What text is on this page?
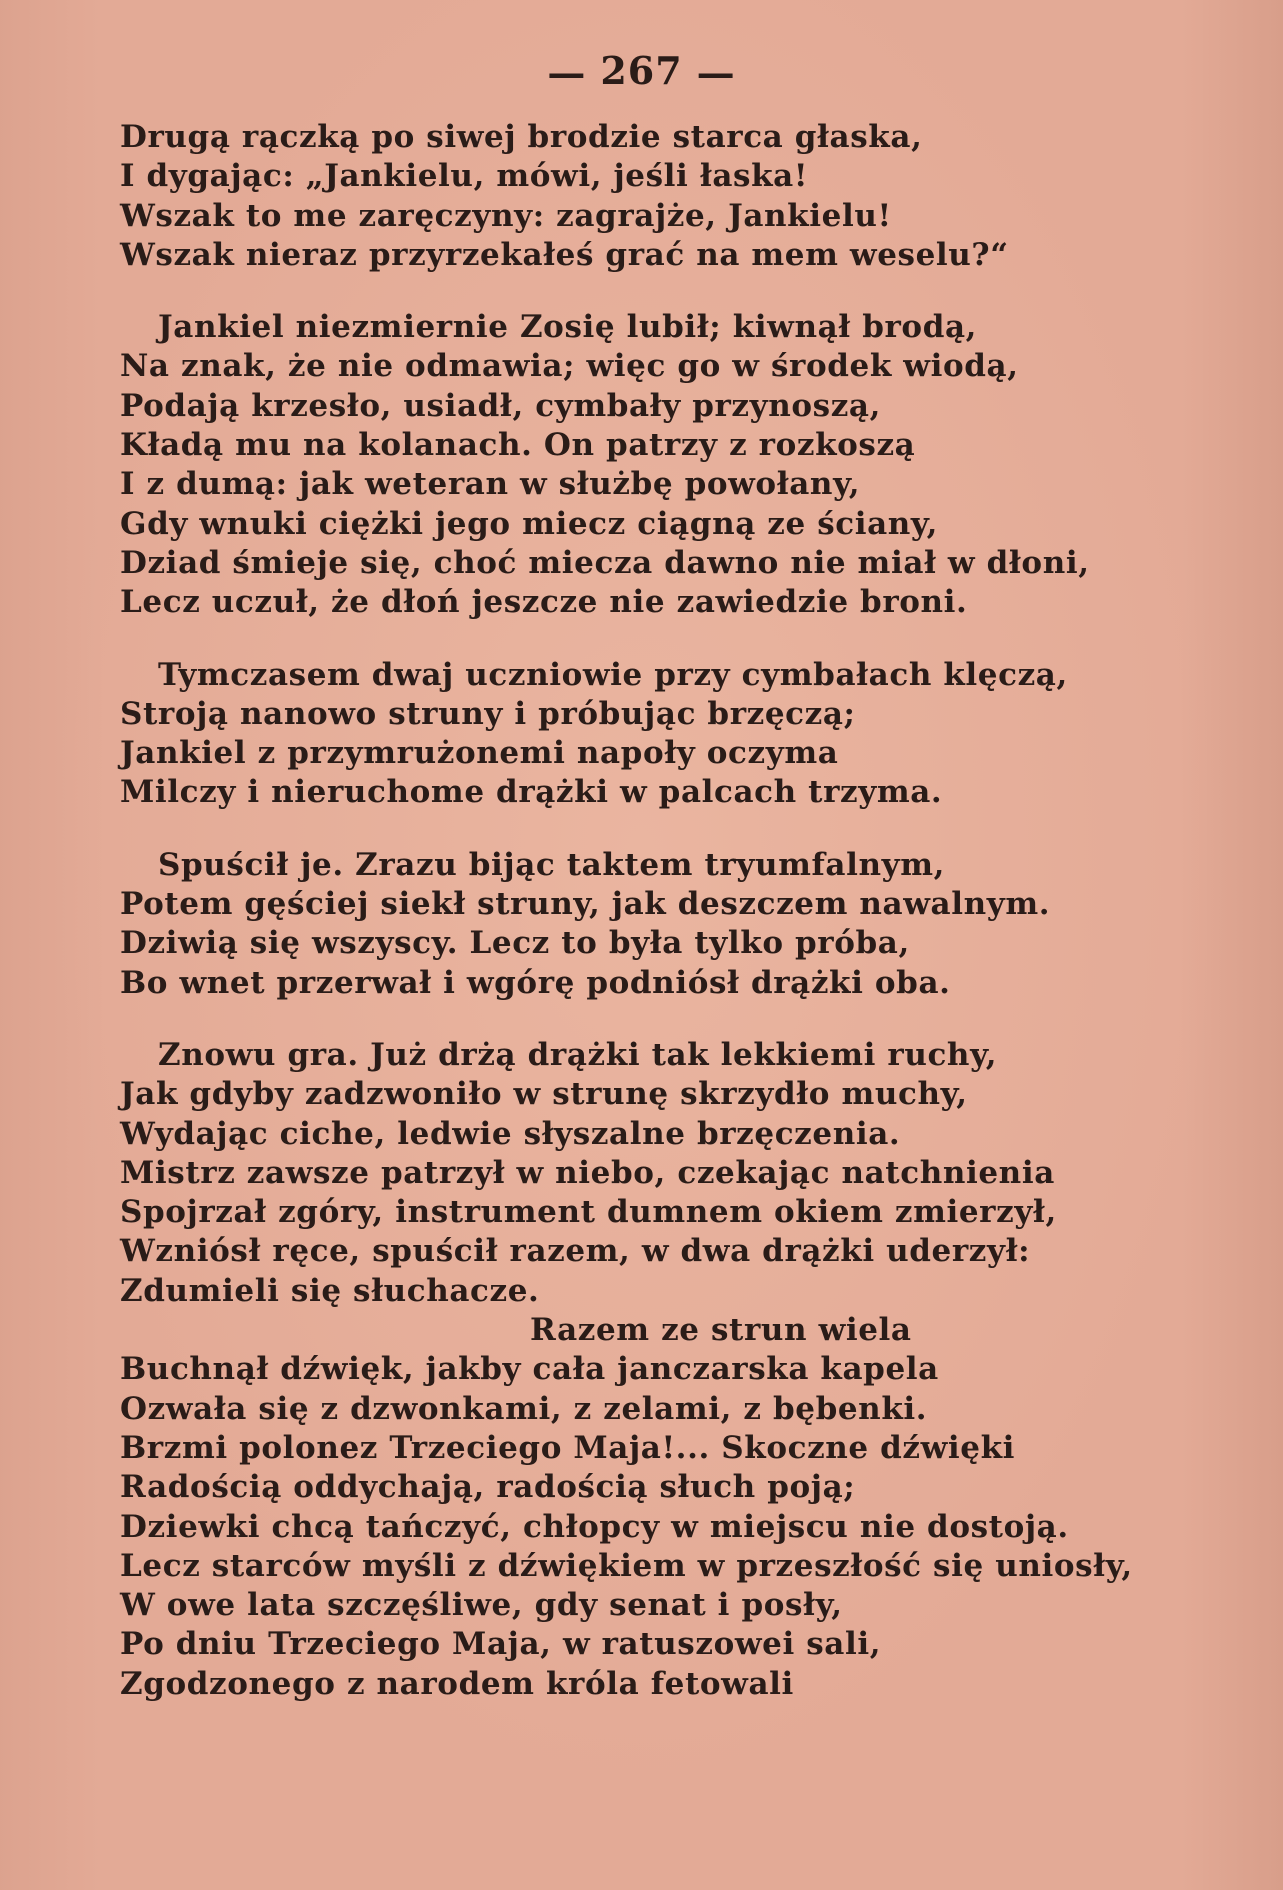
— 267 —
Drugą rączką po siwej brodzie starca głaska,
I dygając: „Jankielu, mówi, jeśli łaska!
Wszak to me zaręczyny: zagrajże, Jankielu!
Wszak nieraz przyrzekałeś grać na mem weselu?“
Jankiel niezmiernie Zosię lubił; kiwnął brodą,
Na znak, że nie odmawia; więc go w środek wiodą,
Podają krzesło, usiadł, cymbały przynoszą,
Kładą mu na kolanach. On patrzy z rozkoszą
I z dumą: jak weteran w służbę powołany,
Gdy wnuki ciężki jego miecz ciągną ze ściany,
Dziad śmieje się, choć miecza dawno nie miał w dłoni,
Lecz uczuł, że dłoń jeszcze nie zawiedzie broni.
Tymczasem dwaj uczniowie przy cymbałach klęczą,
Stroją nanowo struny i próbując brzęczą;
Jankiel z przymrużonemi napoły oczyma
Milczy i nieruchome drążki w palcach trzyma.
Spuścił je. Zrazu bijąc taktem tryumfalnym,
Potem gęściej siekł struny, jak deszczem nawalnym.
Dziwią się wszyscy. Lecz to była tylko próba,
Bo wnet przerwał i wgórę podniósł drążki oba.
Znowu gra. Już drżą drążki tak lekkiemi ruchy,
Jak gdyby zadzwoniło w strunę skrzydło muchy,
Wydając ciche, ledwie słyszalne brzęczenia.
Mistrz zawsze patrzył w niebo, czekając natchnienia
Spojrzał zgóry, instrument dumnem okiem zmierzył,
Wzniósł ręce, spuścił razem, w dwa drążki uderzył:
Zdumieli się słuchacze.
Razem ze strun wiela
Buchnął dźwięk, jakby cała janczarska kapela
Ozwała się z dzwonkami, z zelami, z bębenki.
Brzmi polonez Trzeciego Maja!... Skoczne dźwięki
Radością oddychają, radością słuch poją;
Dziewki chcą tańczyć, chłopcy w miejscu nie dostoją.
Lecz starców myśli z dźwiękiem w przeszłość się uniosły,
W owe lata szczęśliwe, gdy senat i posły,
Po dniu Trzeciego Maja, w ratuszowei sali,
Zgodzonego z narodem króla fetowali
